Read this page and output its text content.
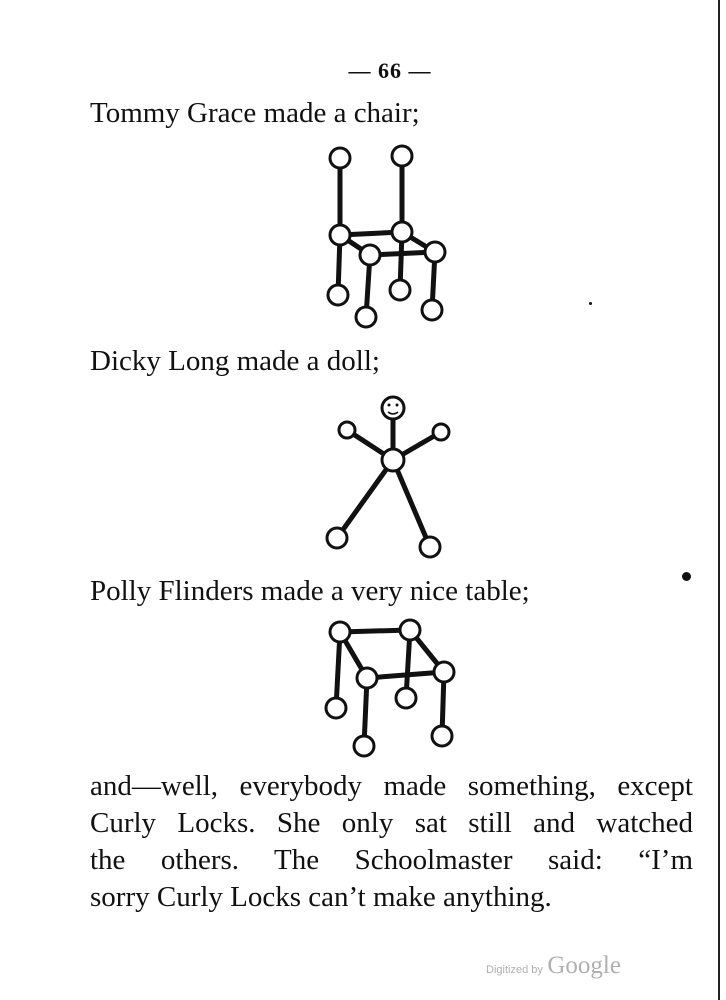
— 66 —
Tommy Grace made a chair;
Dicky Long made a doll;
Polly Flinders made a very nice table;
and—well, everybody made something, except
Curly Locks. She only sat still and watched
the others. The Schoolmaster said: “I’m
sorry Curly Locks can’t make anything.
Digitized by Google
